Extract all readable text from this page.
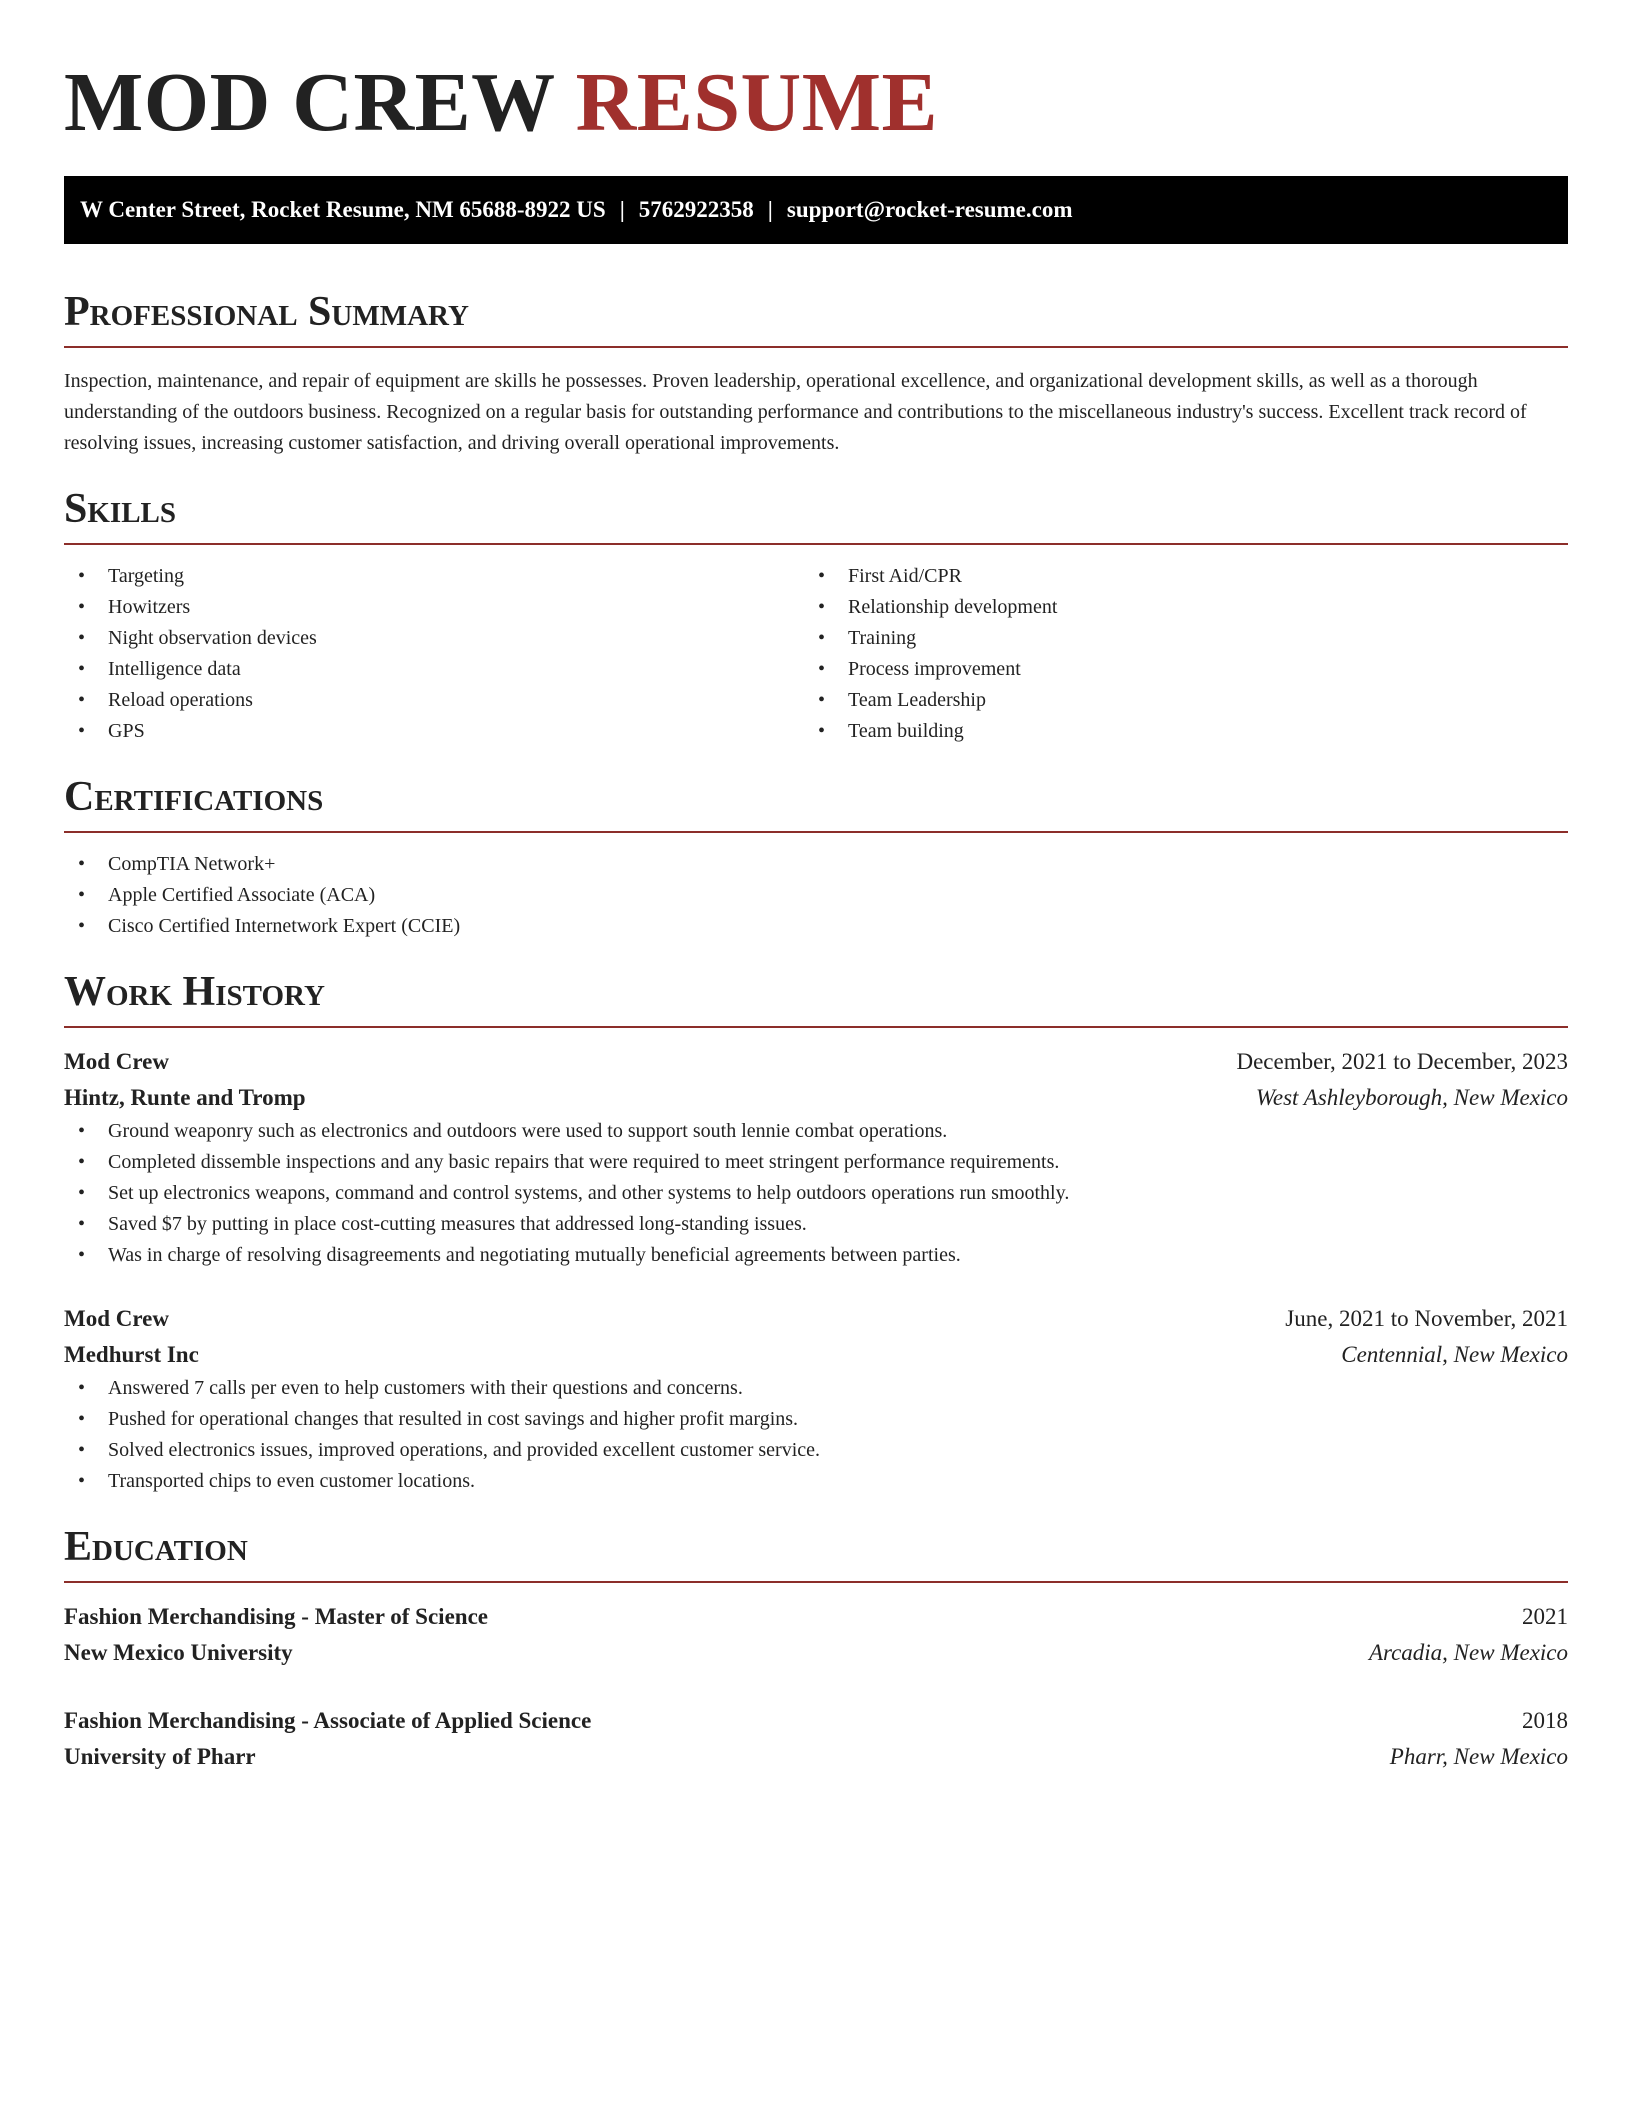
MOD CREW RESUME
W Center Street, Rocket Resume, NM 65688-8922 US | 5762922358 | support@rocket-resume.com
Professional Summary

Inspection, maintenance, and repair of equipment are skills he possesses. Proven leadership, operational excellence, and organizational development skills, as well as a thorough understanding of the outdoors business. Recognized on a regular basis for outstanding performance and contributions to the miscellaneous industry's success. Excellent track record of resolving issues, increasing customer satisfaction, and driving overall operational improvements.

Skills
• Targeting
• Howitzers
• Night observation devices
• Intelligence data
• Reload operations
• GPS
• First Aid/CPR
• Relationship development
• Training
• Process improvement
• Team Leadership
• Team building
Certifications
• CompTIA Network+
• Apple Certified Associate (ACA)
• Cisco Certified Internetwork Expert (CCIE)
Work History
Mod Crew	December, 2021 to December, 2023
Hintz, Runte and Tromp	West Ashleyborough, New Mexico
• Ground weaponry such as electronics and outdoors were used to support south lennie combat operations.
• Completed dissemble inspections and any basic repairs that were required to meet stringent performance requirements.
• Set up electronics weapons, command and control systems, and other systems to help outdoors operations run smoothly.
• Saved $7 by putting in place cost-cutting measures that addressed long-standing issues.
• Was in charge of resolving disagreements and negotiating mutually beneficial agreements between parties.
Mod Crew	June, 2021 to November, 2021
Medhurst Inc	Centennial, New Mexico
• Answered 7 calls per even to help customers with their questions and concerns.
• Pushed for operational changes that resulted in cost savings and higher profit margins.
• Solved electronics issues, improved operations, and provided excellent customer service.
• Transported chips to even customer locations.
Education
Fashion Merchandising - Master of Science	2021
New Mexico University	Arcadia, New Mexico
Fashion Merchandising - Associate of Applied Science	2018
University of Pharr	Pharr, New Mexico
